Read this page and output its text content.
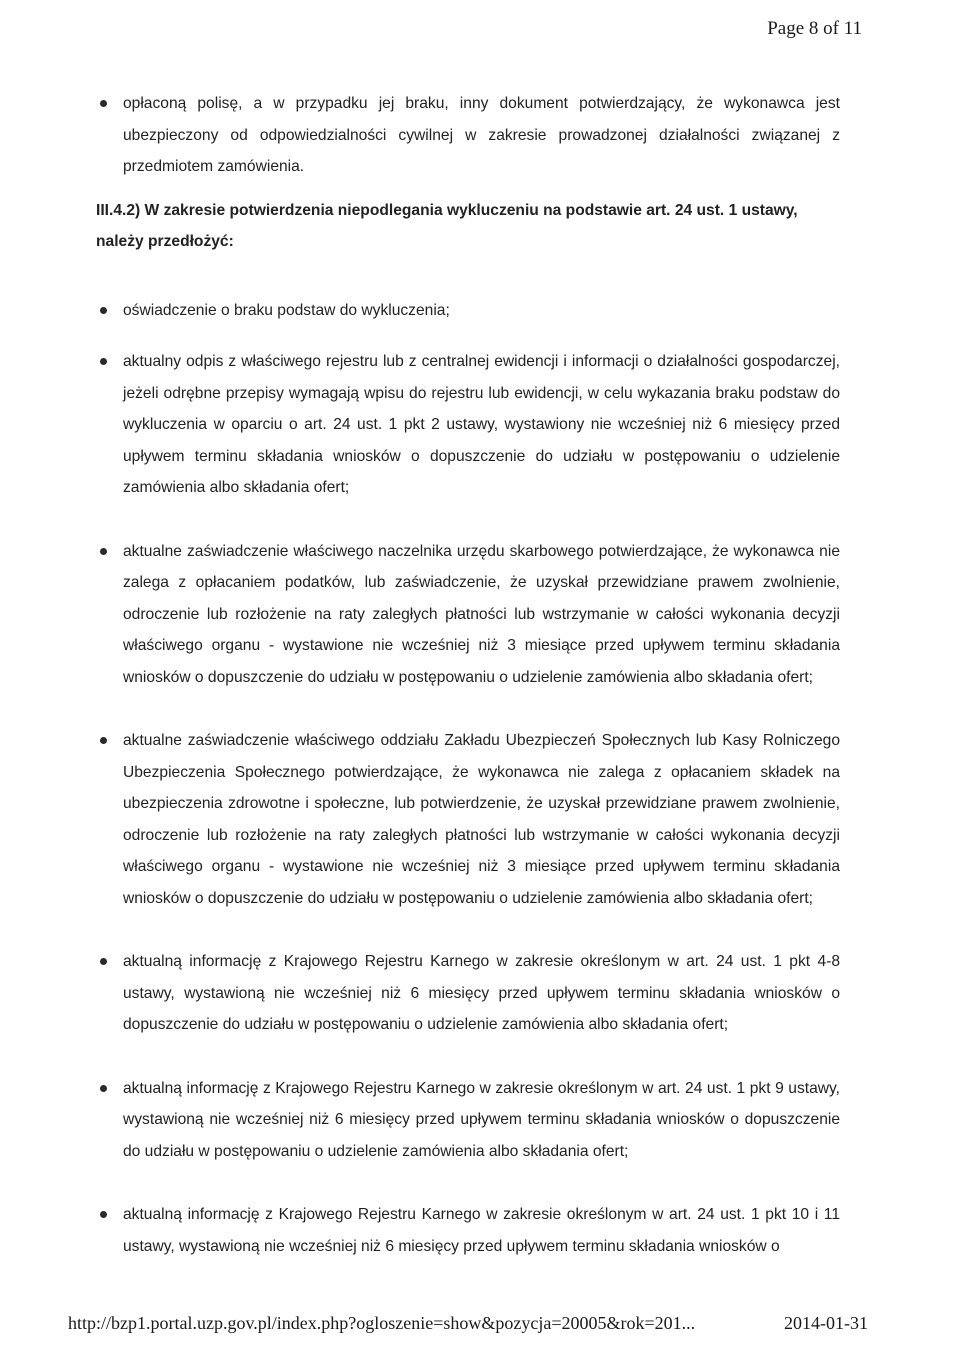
Page 8 of 11
opłaconą polisę, a w przypadku jej braku, inny dokument potwierdzający, że wykonawca jest ubezpieczony od odpowiedzialności cywilnej w zakresie prowadzonej działalności związanej z przedmiotem zamówienia.

III.4.2) W zakresie potwierdzenia niepodlegania wykluczeniu na podstawie art. 24 ust. 1 ustawy, należy przedłożyć:

oświadczenie o braku podstaw do wykluczenia;
aktualny odpis z właściwego rejestru lub z centralnej ewidencji i informacji o działalności gospodarczej, jeżeli odrębne przepisy wymagają wpisu do rejestru lub ewidencji, w celu wykazania braku podstaw do wykluczenia w oparciu o art. 24 ust. 1 pkt 2 ustawy, wystawiony nie wcześniej niż 6 miesięcy przed upływem terminu składania wniosków o dopuszczenie do udziału w postępowaniu o udzielenie zamówienia albo składania ofert;
aktualne zaświadczenie właściwego naczelnika urzędu skarbowego potwierdzające, że wykonawca nie zalega z opłacaniem podatków, lub zaświadczenie, że uzyskał przewidziane prawem zwolnienie, odroczenie lub rozłożenie na raty zaległych płatności lub wstrzymanie w całości wykonania decyzji właściwego organu - wystawione nie wcześniej niż 3 miesiące przed upływem terminu składania wniosków o dopuszczenie do udziału w postępowaniu o udzielenie zamówienia albo składania ofert;
aktualne zaświadczenie właściwego oddziału Zakładu Ubezpieczeń Społecznych lub Kasy Rolniczego Ubezpieczenia Społecznego potwierdzające, że wykonawca nie zalega z opłacaniem składek na ubezpieczenia zdrowotne i społeczne, lub potwierdzenie, że uzyskał przewidziane prawem zwolnienie, odroczenie lub rozłożenie na raty zaległych płatności lub wstrzymanie w całości wykonania decyzji właściwego organu - wystawione nie wcześniej niż 3 miesiące przed upływem terminu składania wniosków o dopuszczenie do udziału w postępowaniu o udzielenie zamówienia albo składania ofert;
aktualną informację z Krajowego Rejestru Karnego w zakresie określonym w art. 24 ust. 1 pkt 4-8 ustawy, wystawioną nie wcześniej niż 6 miesięcy przed upływem terminu składania wniosków o dopuszczenie do udziału w postępowaniu o udzielenie zamówienia albo składania ofert;
aktualną informację z Krajowego Rejestru Karnego w zakresie określonym w art. 24 ust. 1 pkt 9 ustawy, wystawioną nie wcześniej niż 6 miesięcy przed upływem terminu składania wniosków o dopuszczenie do udziału w postępowaniu o udzielenie zamówienia albo składania ofert;
aktualną informację z Krajowego Rejestru Karnego w zakresie określonym w art. 24 ust. 1 pkt 10 i 11 ustawy, wystawioną nie wcześniej niż 6 miesięcy przed upływem terminu składania wniosków o
http://bzp1.portal.uzp.gov.pl/index.php?ogloszenie=show&pozycja=20005&rok=201...	2014-01-31
